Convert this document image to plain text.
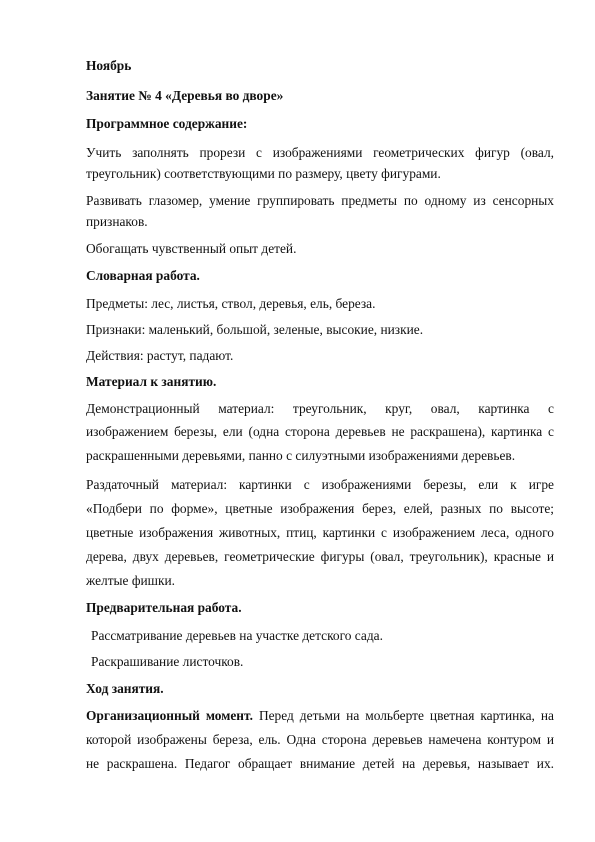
Ноябрь
Занятие № 4 «Деревья во дворе»
Программное содержание:
Учить заполнять прорези с изображениями геометрических фигур (овал,
треугольник) соответствующими по размеру, цвету фигурами.
Развивать глазомер, умение группировать предметы по одному из сенсорных
признаков.
Обогащать чувственный опыт детей.
Словарная работа.
Предметы: лес, листья, ствол, деревья, ель, береза.
Признаки: маленький, большой, зеленые, высокие, низкие.
Действия: растут, падают.
Материал к занятию.
Демонстрационный материал: треугольник, круг, овал, картинка с
изображением березы, ели (одна сторона деревьев не раскрашена), картинка с
раскрашенными деревьями, панно с силуэтными изображениями деревьев.
Раздаточный материал: картинки с изображениями березы, ели к игре
«Подбери по форме», цветные изображения берез, елей, разных по высоте;
цветные изображения животных, птиц, картинки с изображением леса, одного
дерева, двух деревьев, геометрические фигуры (овал, треугольник), красные и
желтые фишки.
Предварительная работа.
Рассматривание деревьев на участке детского сада.
Раскрашивание листочков.
Ход занятия.
Организационный момент. Перед детьми на мольберте цветная картинка, на
которой изображены береза, ель. Одна сторона деревьев намечена контуром и
не раскрашена. Педагог обращает внимание детей на деревья, называет их.
